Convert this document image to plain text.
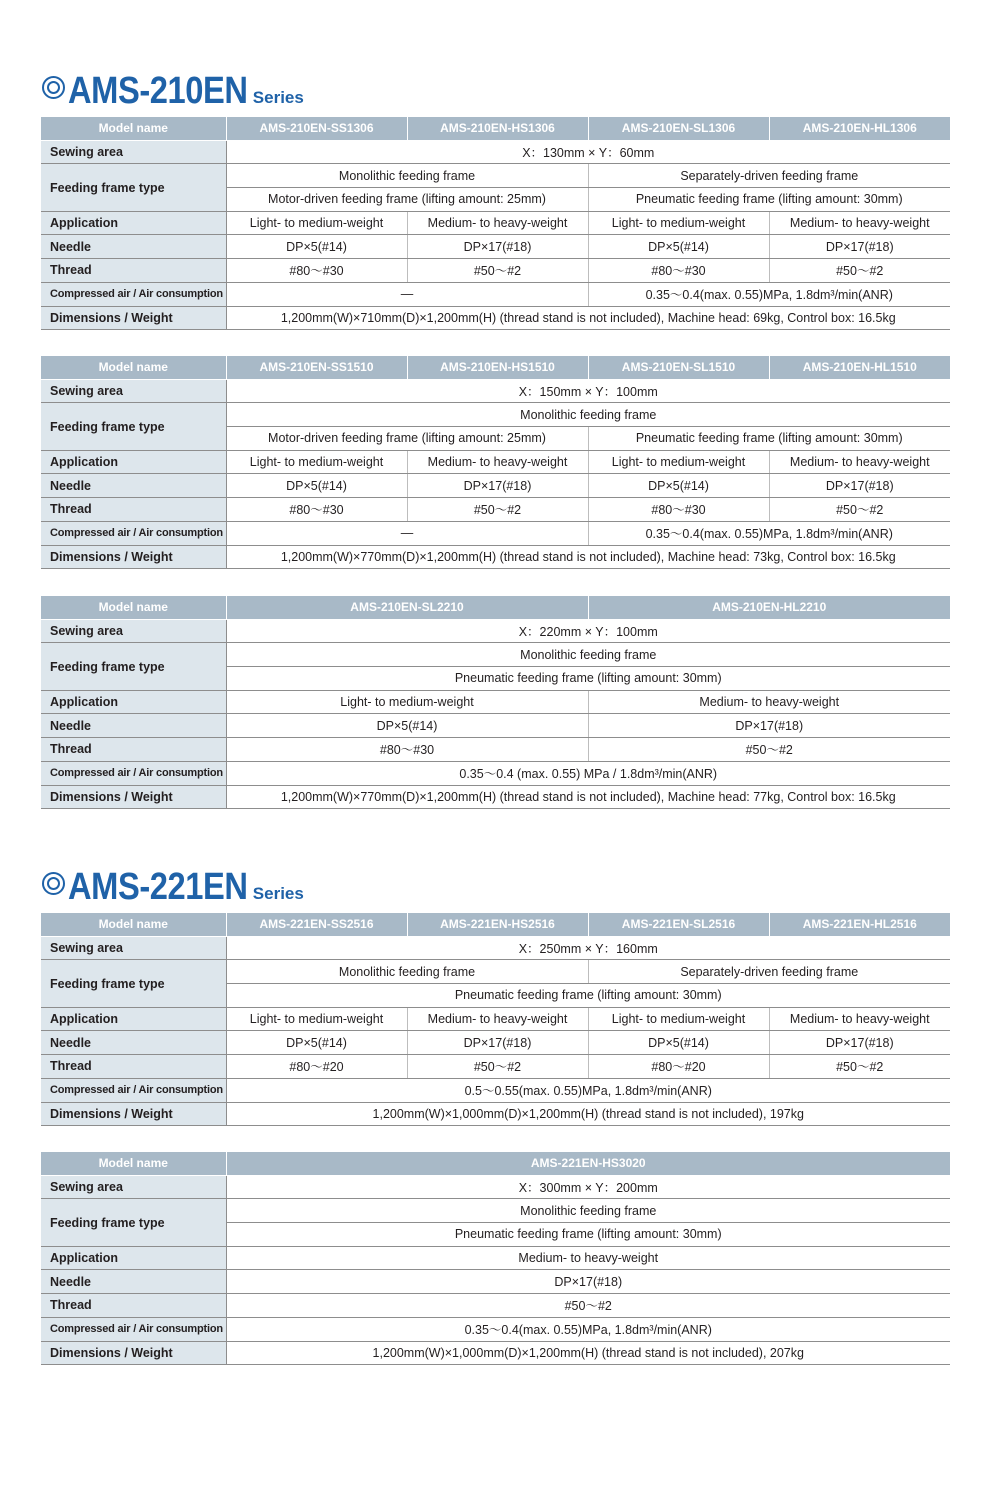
AMS-210EN Series
Model name	AMS-210EN-SS1306	AMS-210EN-HS1306	AMS-210EN-SL1306	AMS-210EN-HL1306
Sewing area	X：130mm × Y：60mm			
Feeding frame type	Monolithic feeding frame		Separately-driven feeding frame	
	Motor-driven feeding frame (lifting amount: 25mm)		Pneumatic feeding frame (lifting amount: 30mm)	
Application	Light- to medium-weight	Medium- to heavy-weight	Light- to medium-weight	Medium- to heavy-weight
Needle	DP×5(#14)	DP×17(#18)	DP×5(#14)	DP×17(#18)
Thread	#80～#30	#50～#2	#80～#30	#50～#2
Compressed air / Air consumption	—		0.35～0.4(max. 0.55)MPa, 1.8dm³/min(ANR)	
Dimensions / Weight	1,200mm(W)×710mm(D)×1,200mm(H) (thread stand is not included), Machine head: 69kg, Control box: 16.5kg			
Model name	AMS-210EN-SS1510	AMS-210EN-HS1510	AMS-210EN-SL1510	AMS-210EN-HL1510
Sewing area	X：150mm × Y：100mm			
Feeding frame type	Monolithic feeding frame			
	Motor-driven feeding frame (lifting amount: 25mm)		Pneumatic feeding frame (lifting amount: 30mm)	
Application	Light- to medium-weight	Medium- to heavy-weight	Light- to medium-weight	Medium- to heavy-weight
Needle	DP×5(#14)	DP×17(#18)	DP×5(#14)	DP×17(#18)
Thread	#80～#30	#50～#2	#80～#30	#50～#2
Compressed air / Air consumption	—		0.35～0.4(max. 0.55)MPa, 1.8dm³/min(ANR)	
Dimensions / Weight	1,200mm(W)×770mm(D)×1,200mm(H) (thread stand is not included), Machine head: 73kg, Control box: 16.5kg			
Model name	AMS-210EN-SL2210	AMS-210EN-HL2210
Sewing area	X：220mm × Y：100mm	
Feeding frame type	Monolithic feeding frame	
	Pneumatic feeding frame (lifting amount: 30mm)	
Application	Light- to medium-weight	Medium- to heavy-weight
Needle	DP×5(#14)	DP×17(#18)
Thread	#80～#30	#50～#2
Compressed air / Air consumption	0.35～0.4 (max. 0.55) MPa / 1.8dm³/min(ANR)	
Dimensions / Weight	1,200mm(W)×770mm(D)×1,200mm(H) (thread stand is not included), Machine head: 77kg, Control box: 16.5kg	
AMS-221EN Series
Model name	AMS-221EN-SS2516	AMS-221EN-HS2516	AMS-221EN-SL2516	AMS-221EN-HL2516
Sewing area	X：250mm × Y：160mm			
Feeding frame type	Monolithic feeding frame		Separately-driven feeding frame	
	Pneumatic feeding frame (lifting amount: 30mm)			
Application	Light- to medium-weight	Medium- to heavy-weight	Light- to medium-weight	Medium- to heavy-weight
Needle	DP×5(#14)	DP×17(#18)	DP×5(#14)	DP×17(#18)
Thread	#80～#20	#50～#2	#80～#20	#50～#2
Compressed air / Air consumption	0.5～0.55(max. 0.55)MPa, 1.8dm³/min(ANR)			
Dimensions / Weight	1,200mm(W)×1,000mm(D)×1,200mm(H) (thread stand is not included), 197kg			
Model name	AMS-221EN-HS3020
Sewing area	X：300mm × Y：200mm
Feeding frame type	Monolithic feeding frame
	Pneumatic feeding frame (lifting amount: 30mm)
Application	Medium- to heavy-weight
Needle	DP×17(#18)
Thread	#50～#2
Compressed air / Air consumption	0.35～0.4(max. 0.55)MPa, 1.8dm³/min(ANR)
Dimensions / Weight	1,200mm(W)×1,000mm(D)×1,200mm(H) (thread stand is not included), 207kg
